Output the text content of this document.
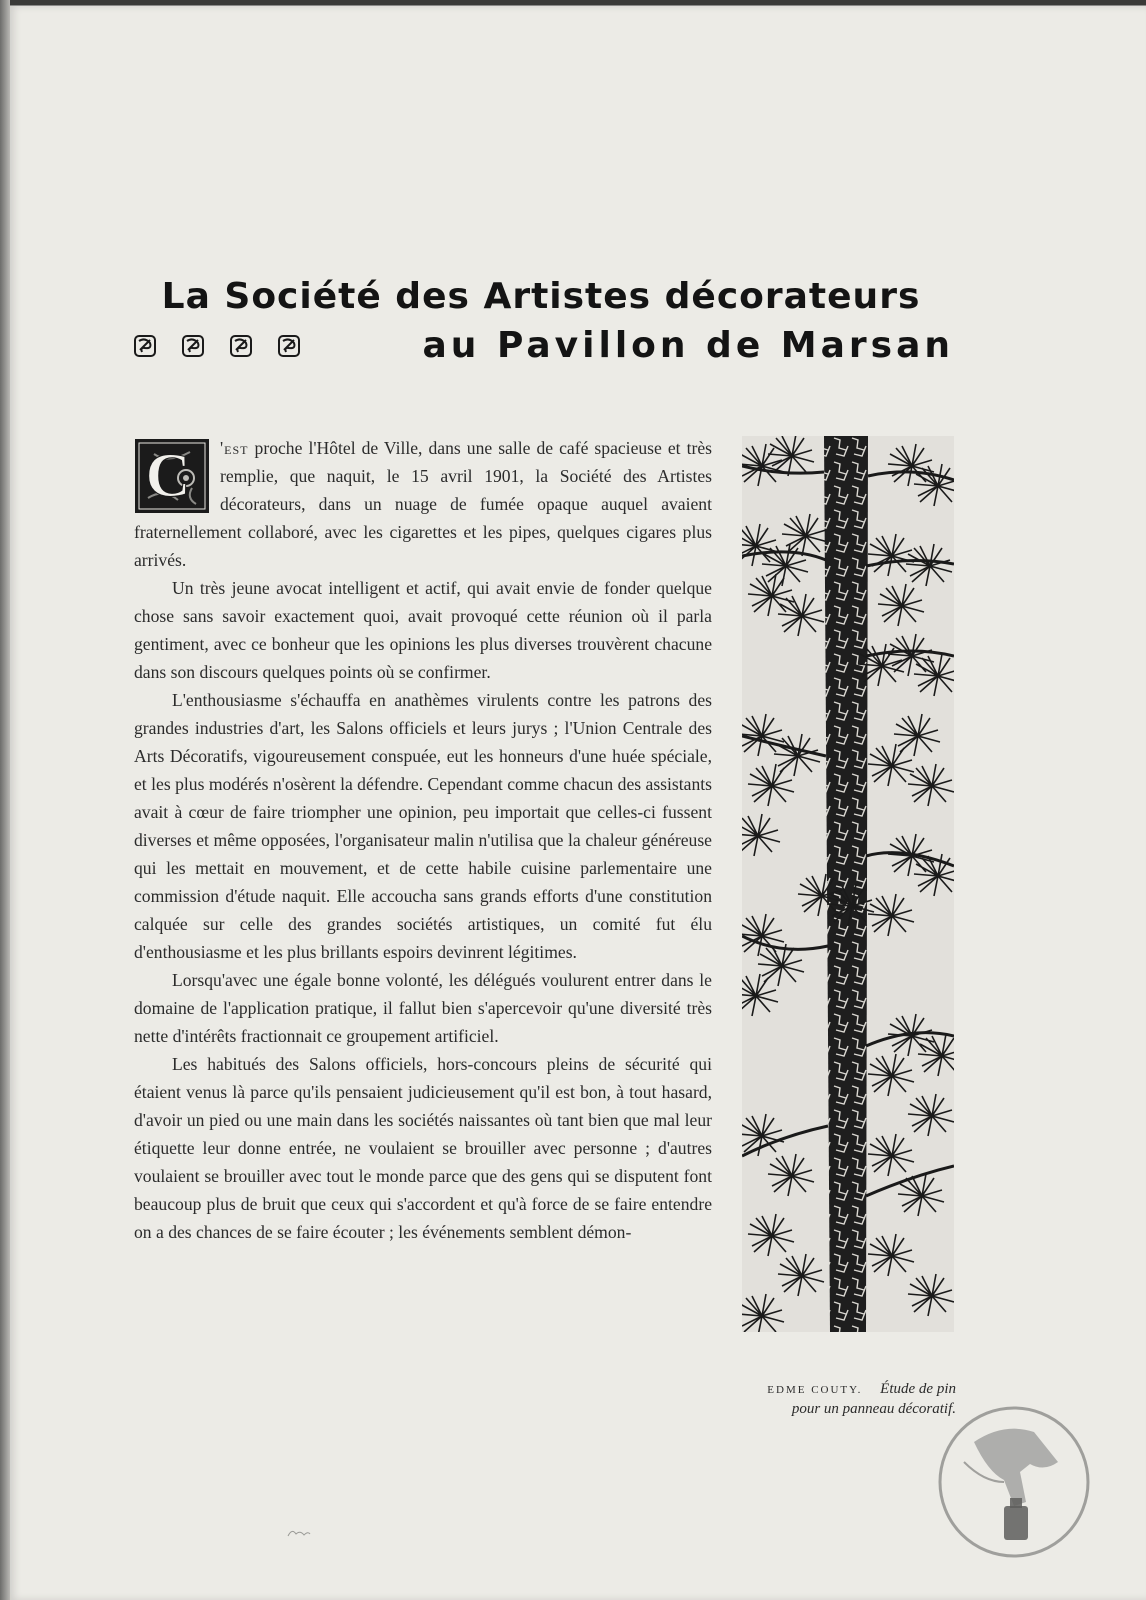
La Société des Artistes décorateurs
au Pavillon de Marsan

C 'est proche l'Hôtel de Ville, dans une salle de café spacieuse et très remplie, que naquit, le 15 avril 1901, la Société des Artistes décorateurs, dans un nuage de fumée opaque auquel avaient fraternellement collaboré, avec les cigarettes et les pipes, quelques cigares plus arrivés.

Un très jeune avocat intelligent et actif, qui avait envie de fonder quelque chose sans savoir exactement quoi, avait provoqué cette réunion où il parla gentiment, avec ce bonheur que les opinions les plus diverses trouvèrent chacune dans son discours quelques points où se confirmer.

L'enthousiasme s'échauffa en anathèmes virulents contre les patrons des grandes industries d'art, les Salons officiels et leurs jurys ; l'Union Centrale des Arts Décoratifs, vigoureusement conspuée, eut les honneurs d'une huée spéciale, et les plus modérés n'osèrent la défendre. Cependant comme chacun des assistants avait à cœur de faire triompher une opinion, peu importait que celles-ci fussent diverses et même opposées, l'organisateur malin n'utilisa que la chaleur généreuse qui les mettait en mouvement, et de cette habile cuisine parlementaire une commission d'étude naquit. Elle accoucha sans grands efforts d'une constitution calquée sur celle des grandes sociétés artistiques, un comité fut élu d'enthousiasme et les plus brillants espoirs devinrent légitimes.

Lorsqu'avec une égale bonne volonté, les délégués voulurent entrer dans le domaine de l'application pratique, il fallut bien s'apercevoir qu'une diversité très nette d'intérêts fractionnait ce groupement artificiel.

Les habitués des Salons officiels, hors-concours pleins de sécurité qui étaient venus là parce qu'ils pensaient judicieusement qu'il est bon, à tout hasard, d'avoir un pied ou une main dans les sociétés naissantes où tant bien que mal leur étiquette leur donne entrée, ne voulaient se brouiller avec personne ; d'autres voulaient se brouiller avec tout le monde parce que des gens qui se disputent font beaucoup plus de bruit que ceux qui s'accordent et qu'à force de se faire entendre on a des chances de se faire écouter ; les événements semblent démon-

EDME COUTY. Étude de pin pour un panneau décoratif.
